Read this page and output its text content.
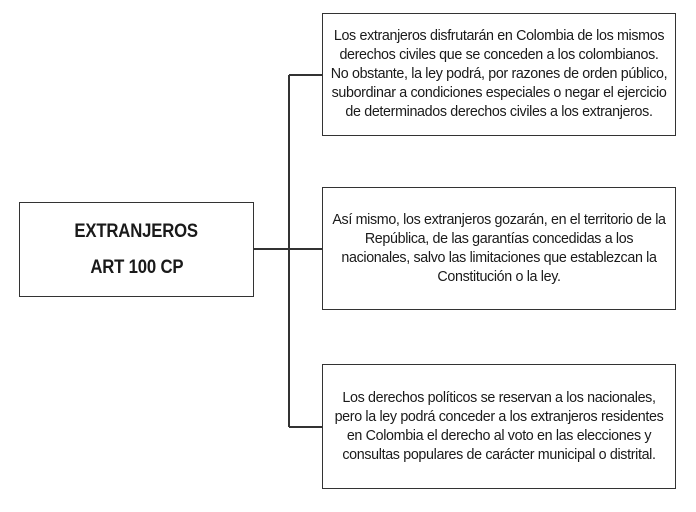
EXTRANJEROS
ART 100 CP
Los extranjeros disfrutarán en Colombia de los mismos derechos civiles que se conceden a los colombianos. No obstante, la ley podrá, por razones de orden público, subordinar a condiciones especiales o negar el ejercicio de determinados derechos civiles a los extranjeros.
Así mismo, los extranjeros gozarán, en el territorio de la República, de las garantías concedidas a los nacionales, salvo las limitaciones que establezcan la Constitución o la ley.
Los derechos políticos se reservan a los nacionales, pero la ley podrá conceder a los extranjeros residentes en Colombia el derecho al voto en las elecciones y consultas populares de carácter municipal o distrital.
